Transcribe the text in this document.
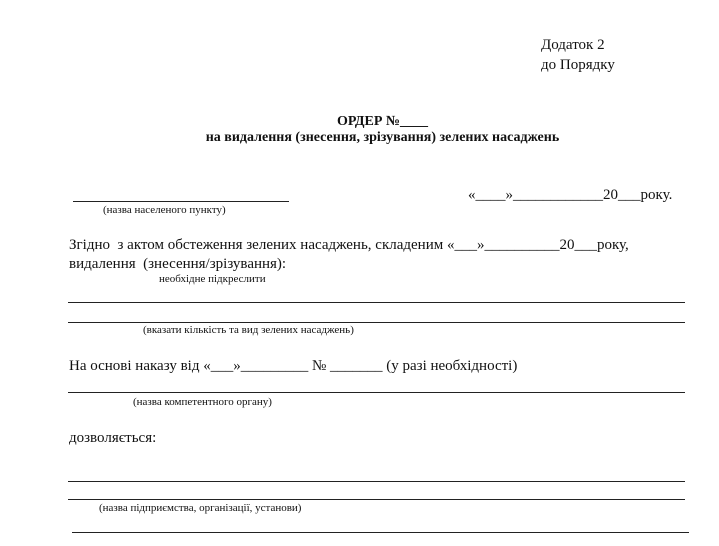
Додаток 2
до Порядку
ОРДЕР №____
на видалення (знесення, зрізування) зелених насаджень
(назва населеного пункту)
«____»____________20___року.
Згідно  з актом обстеження зелених насаджень, складеним «___»__________20___року,
видалення  (знесення/зрізування):
необхідне підкреслити
(вказати кількість та вид зелених насаджень)
На основі наказу від «___»_________ № _______ (у разі необхідності)
(назва компетентного органу)
дозволяється:
(назва підприємства, організації, установи)
